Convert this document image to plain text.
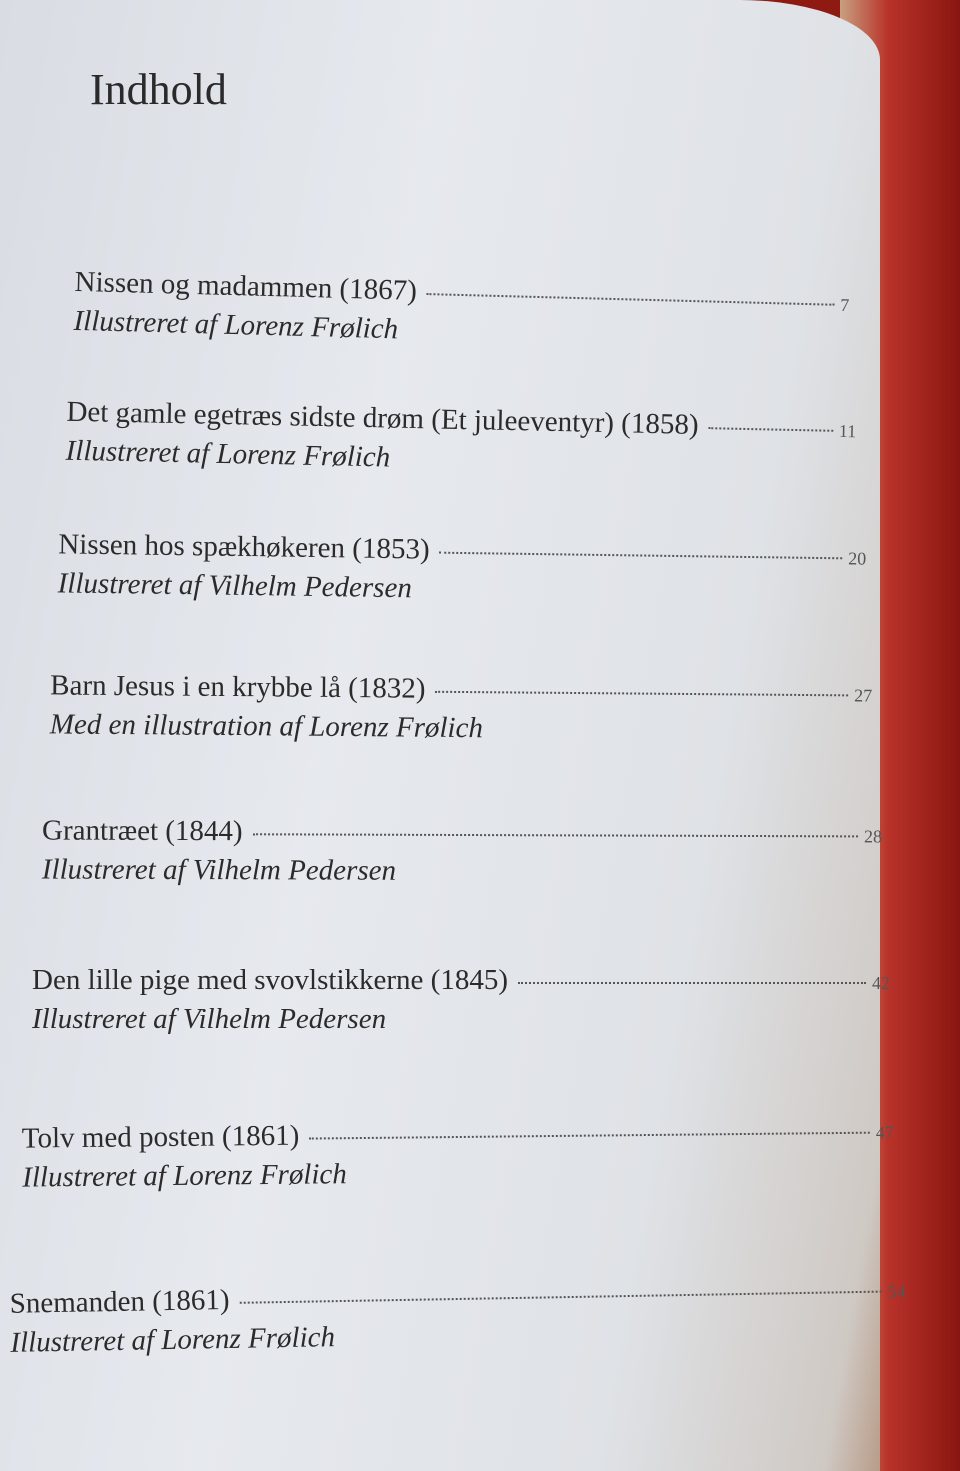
Indhold
Nissen og madammen (1867)	7
Illustreret af Lorenz Frølich
Det gamle egetræs sidste drøm (Et juleeventyr) (1858)	11
Illustreret af Lorenz Frølich
Nissen hos spækhøkeren (1853)	20
Illustreret af Vilhelm Pedersen
Barn Jesus i en krybbe lå (1832)	27
Med en illustration af Lorenz Frølich
Grantræet (1844)	28
Illustreret af Vilhelm Pedersen
Den lille pige med svovlstikkerne (1845)	42
Illustreret af Vilhelm Pedersen
Tolv med posten (1861)	47
Illustreret af Lorenz Frølich
Snemanden (1861)	54
Illustreret af Lorenz Frølich
